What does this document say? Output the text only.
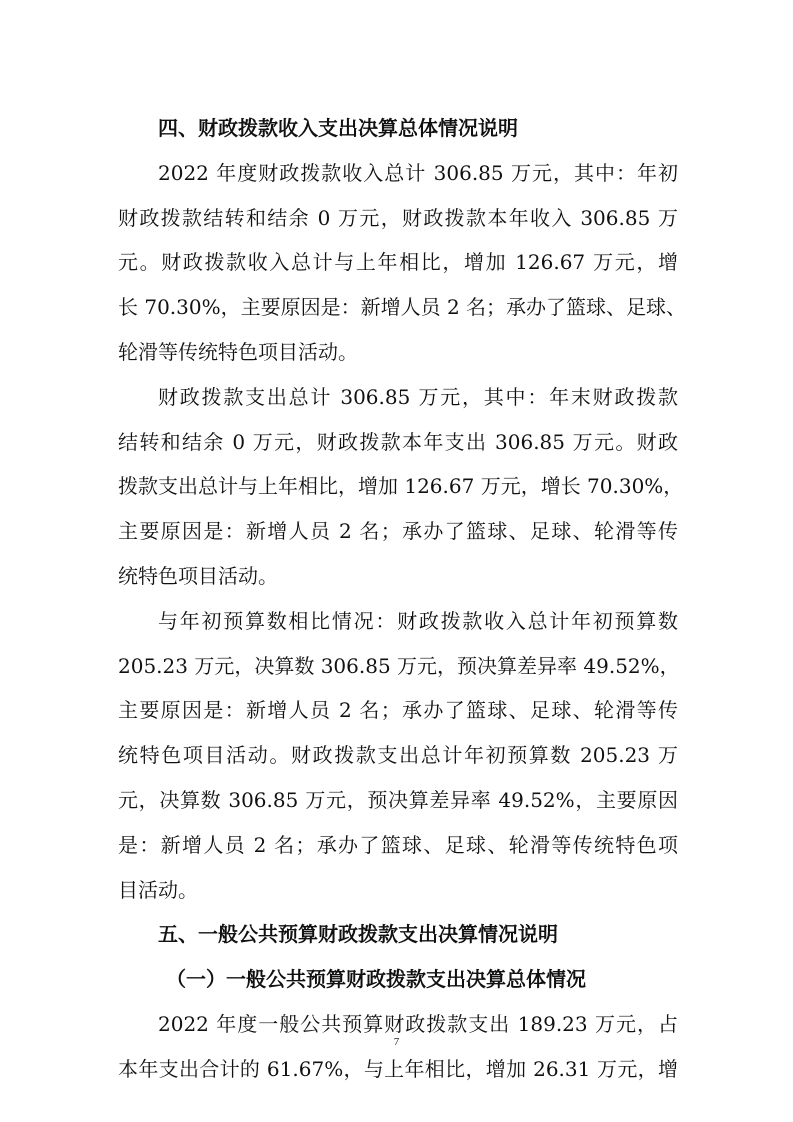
四、财政拨款收入支出决算总体情况说明
2022 年度财政拨款收入总计 306.85 万元，其中：年初
财政拨款结转和结余 0 万元，财政拨款本年收入 306.85 万
元。财政拨款收入总计与上年相比，增加 126.67 万元，增
长 70.30%，主要原因是：新增人员 2 名；承办了篮球、足球、
轮滑等传统特色项目活动。
财政拨款支出总计 306.85 万元，其中：年末财政拨款
结转和结余 0 万元，财政拨款本年支出 306.85 万元。财政
拨款支出总计与上年相比，增加 126.67 万元，增长 70.30%，
主要原因是：新增人员 2 名；承办了篮球、足球、轮滑等传
统特色项目活动。
与年初预算数相比情况：财政拨款收入总计年初预算数
205.23 万元，决算数 306.85 万元，预决算差异率 49.52%，
主要原因是：新增人员 2 名；承办了篮球、足球、轮滑等传
统特色项目活动。财政拨款支出总计年初预算数 205.23 万
元，决算数 306.85 万元，预决算差异率 49.52%，主要原因
是：新增人员 2 名；承办了篮球、足球、轮滑等传统特色项
目活动。
五、一般公共预算财政拨款支出决算情况说明
（一）一般公共预算财政拨款支出决算总体情况
2022 年度一般公共预算财政拨款支出 189.23 万元，占
本年支出合计的 61.67%，与上年相比，增加 26.31 万元，增
7
